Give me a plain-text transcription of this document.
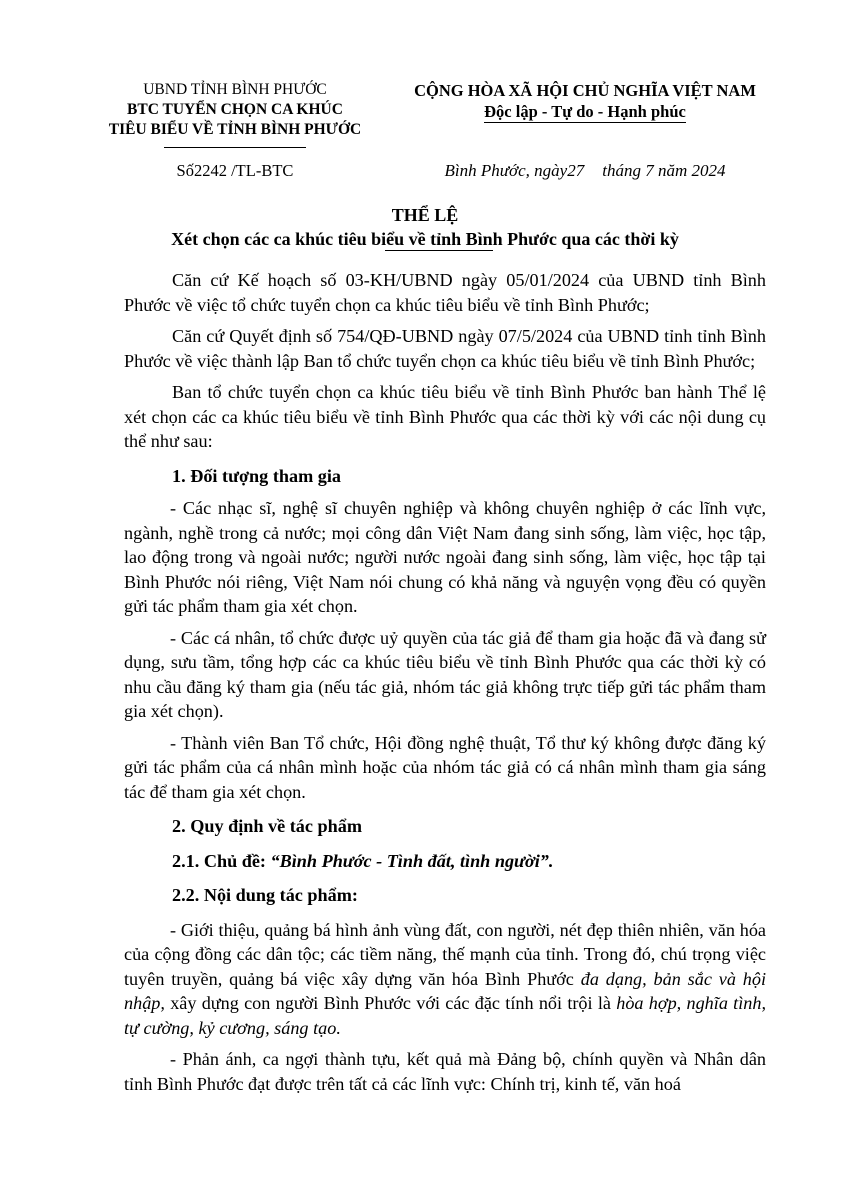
UBND TỈNH BÌNH PHƯỚC
BTC TUYỂN CHỌN CA KHÚC
TIÊU BIỂU VỀ TỈNH BÌNH PHƯỚC
CỘNG HÒA XÃ HỘI CHỦ NGHĨA VIỆT NAM
Độc lập - Tự do - Hạnh phúc
Số2242 /TL-BTC	Bình Phước, ngày27 tháng 7 năm 2024
THỂ LỆ
Xét chọn các ca khúc tiêu biểu về tỉnh Bình Phước qua các thời kỳ

Căn cứ Kế hoạch số 03-KH/UBND ngày 05/01/2024 của UBND tỉnh Bình Phước về việc tổ chức tuyển chọn ca khúc tiêu biểu về tỉnh Bình Phước;

Căn cứ Quyết định số 754/QĐ-UBND ngày 07/5/2024 của UBND tỉnh tỉnh Bình Phước về việc thành lập Ban tổ chức tuyển chọn ca khúc tiêu biểu về tỉnh Bình Phước;

Ban tổ chức tuyển chọn ca khúc tiêu biểu về tỉnh Bình Phước ban hành Thể lệ xét chọn các ca khúc tiêu biểu về tỉnh Bình Phước qua các thời kỳ với các nội dung cụ thể như sau:

1. Đối tượng tham gia

- Các nhạc sĩ, nghệ sĩ chuyên nghiệp và không chuyên nghiệp ở các lĩnh vực, ngành, nghề trong cả nước; mọi công dân Việt Nam đang sinh sống, làm việc, học tập, lao động trong và ngoài nước; người nước ngoài đang sinh sống, làm việc, học tập tại Bình Phước nói riêng, Việt Nam nói chung có khả năng và nguyện vọng đều có quyền gửi tác phẩm tham gia xét chọn.

- Các cá nhân, tổ chức được uỷ quyền của tác giả để tham gia hoặc đã và đang sử dụng, sưu tầm, tổng hợp các ca khúc tiêu biểu về tỉnh Bình Phước qua các thời kỳ có nhu cầu đăng ký tham gia (nếu tác giả, nhóm tác giả không trực tiếp gửi tác phẩm tham gia xét chọn).

- Thành viên Ban Tổ chức, Hội đồng nghệ thuật, Tổ thư ký không được đăng ký gửi tác phẩm của cá nhân mình hoặc của nhóm tác giả có cá nhân mình tham gia sáng tác để tham gia xét chọn.

2. Quy định về tác phẩm

2.1. Chủ đề: “Bình Phước - Tình đất, tình người”.

2.2. Nội dung tác phẩm:

- Giới thiệu, quảng bá hình ảnh vùng đất, con người, nét đẹp thiên nhiên, văn hóa của cộng đồng các dân tộc; các tiềm năng, thế mạnh của tỉnh. Trong đó, chú trọng việc tuyên truyền, quảng bá việc xây dựng văn hóa Bình Phước đa dạng, bản sắc và hội nhập, xây dựng con người Bình Phước với các đặc tính nổi trội là hòa hợp, nghĩa tình, tự cường, kỷ cương, sáng tạo.

- Phản ánh, ca ngợi thành tựu, kết quả mà Đảng bộ, chính quyền và Nhân dân tỉnh Bình Phước đạt được trên tất cả các lĩnh vực: Chính trị, kinh tế, văn hoá
